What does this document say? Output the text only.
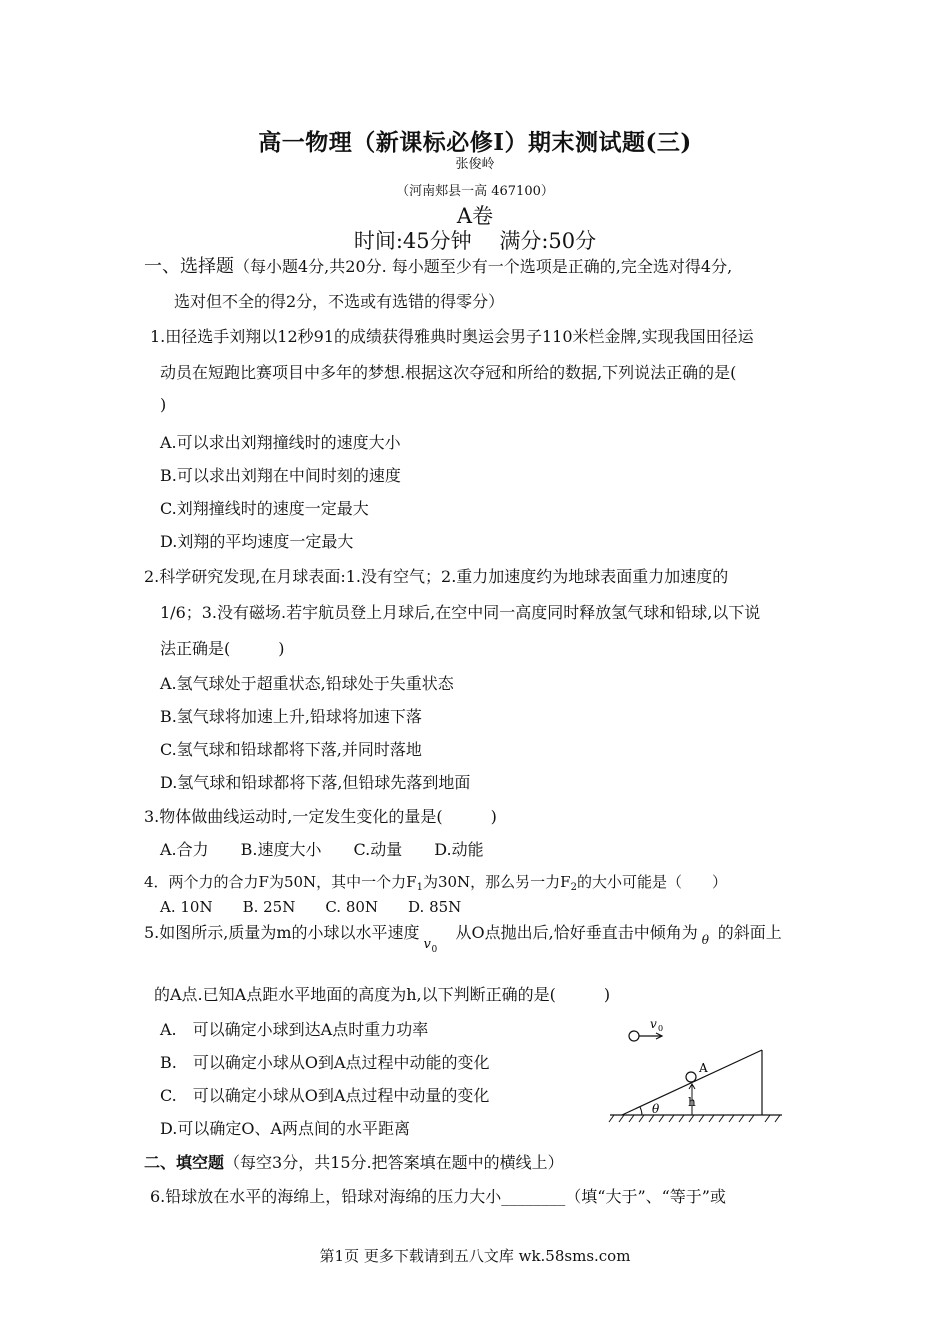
高一物理（新课标必修Ⅰ）期末测试题(三)
张俊岭
（河南郏县一高 467100）
A卷
时间:45分钟　 满分:50分
一、选择题（每小题4分,共20分. 每小题至少有一个选项是正确的,完全选对得4分,
选对但不全的得2分，不选或有选错的得零分）
1.田径选手刘翔以12秒91的成绩获得雅典时奥运会男子110米栏金牌,实现我国田径运
动员在短跑比赛项目中多年的梦想.根据这次夺冠和所给的数据,下列说法正确的是(
)
A.可以求出刘翔撞线时的速度大小
B.可以求出刘翔在中间时刻的速度
C.刘翔撞线时的速度一定最大
D.刘翔的平均速度一定最大
2.科学研究发现,在月球表面:1.没有空气；2.重力加速度约为地球表面重力加速度的
1/6；3.没有磁场.若宇航员登上月球后,在空中同一高度同时释放氢气球和铅球,以下说
法正确是(　　　)
A.氢气球处于超重状态,铅球处于失重状态
B.氢气球将加速上升,铅球将加速下落
C.氢气球和铅球都将下落,并同时落地
D.氢气球和铅球都将下落,但铅球先落到地面
3.物体做曲线运动时,一定发生变化的量是(　　　)
A.合力　　B.速度大小　　C.动量　　D.动能
4．两个力的合力F为50N，其中一个力$F_1$为30N，那么另一力$F_2$的大小可能是（　　）
A. 10N　　B. 25N　　C. 80N　　D. 85N
5.如图所示,质量为m的小球以水平速度
v 0
从O点抛出后,恰好垂直击中倾角为 θ 的斜面上
的A点.已知A点距水平地面的高度为h,以下判断正确的是(　　　)
A.　可以确定小球到达A点时重力功率
B.　可以确定小球从O到A点过程中动能的变化
C.　可以确定小球从O到A点过程中动量的变化
D.可以确定O、A两点间的水平距离
v 0
A
h
θ
二、填空题（每空3分，共15分.把答案填在题中的横线上）
6.铅球放在水平的海绵上，铅球对海绵的压力大小________（填“大于”、“等于”或
第1页 更多下载请到五八文库 wk.58sms.com
